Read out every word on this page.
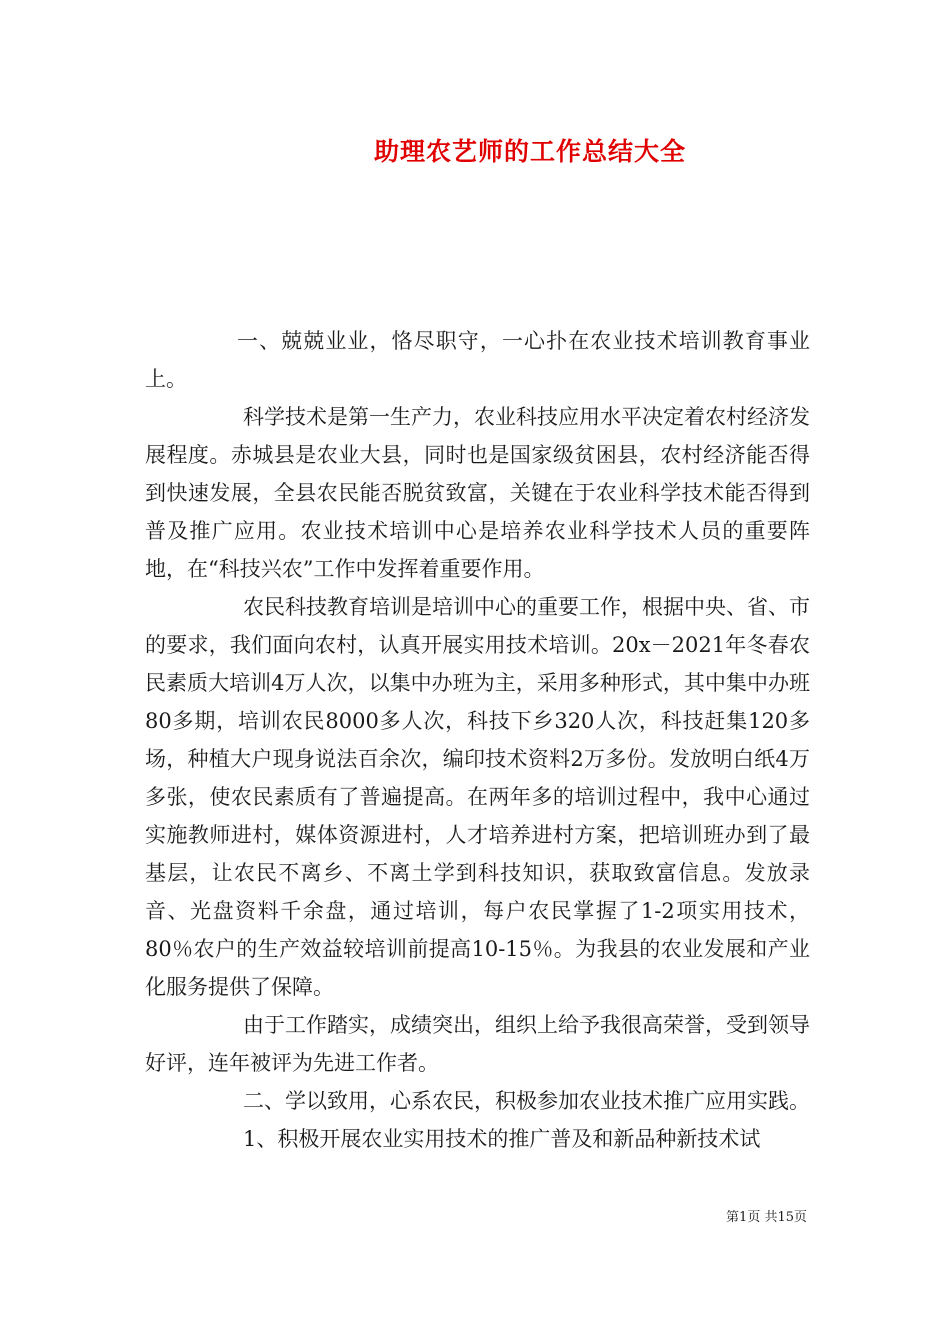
助理农艺师的工作总结大全

一、兢兢业业，恪尽职守，一心扑在农业技术培训教育事业上。

科学技术是第一生产力，农业科技应用水平决定着农村经济发展程度。赤城县是农业大县，同时也是国家级贫困县，农村经济能否得到快速发展，全县农民能否脱贫致富，关键在于农业科学技术能否得到普及推广应用。农业技术培训中心是培养农业科学技术人员的重要阵地，在“科技兴农”工作中发挥着重要作用。

农民科技教育培训是培训中心的重要工作，根据中央、省、市的要求，我们面向农村，认真开展实用技术培训。20x－2021年冬春农民素质大培训4万人次，以集中办班为主，采用多种形式，其中集中办班80多期，培训农民8000多人次，科技下乡320人次，科技赶集120多场，种植大户现身说法百余次，编印技术资料2万多份。发放明白纸4万多张，使农民素质有了普遍提高。在两年多的培训过程中，我中心通过实施教师进村，媒体资源进村，人才培养进村方案，把培训班办到了最基层，让农民不离乡、不离土学到科技知识，获取致富信息。发放录音、光盘资料千余盘，通过培训，每户农民掌握了1-2项实用技术，80％农户的生产效益较培训前提高10-15％。为我县的农业发展和产业化服务提供了保障。

由于工作踏实，成绩突出，组织上给予我很高荣誉，受到领导好评，连年被评为先进工作者。

二、学以致用，心系农民，积极参加农业技术推广应用实践。

1、积极开展农业实用技术的推广普及和新品种新技术试

第1页 共15页
